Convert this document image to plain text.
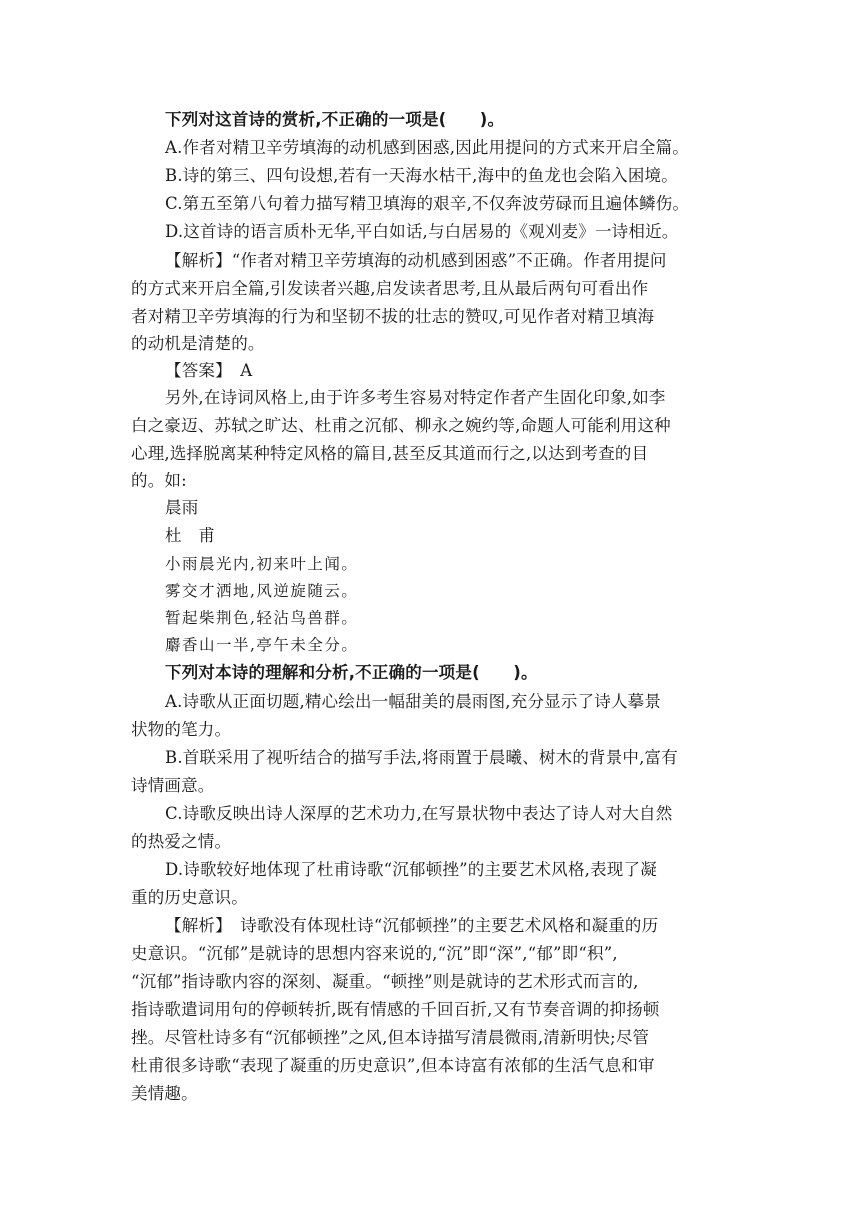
下列对这首诗的赏析,不正确的一项是(　　)。
A.作者对精卫辛劳填海的动机感到困惑,因此用提问的方式来开启全篇。
B.诗的第三、四句设想,若有一天海水枯干,海中的鱼龙也会陷入困境。
C.第五至第八句着力描写精卫填海的艰辛,不仅奔波劳碌而且遍体鳞伤。
D.这首诗的语言质朴无华,平白如话,与白居易的《观刈麦》一诗相近。
【解析】“作者对精卫辛劳填海的动机感到困惑”不正确。作者用提问
的方式来开启全篇,引发读者兴趣,启发读者思考,且从最后两句可看出作
者对精卫辛劳填海的行为和坚韧不拔的壮志的赞叹,可见作者对精卫填海
的动机是清楚的。
【答案】　A
另外,在诗词风格上,由于许多考生容易对特定作者产生固化印象,如李
白之豪迈、苏轼之旷达、杜甫之沉郁、柳永之婉约等,命题人可能利用这种
心理,选择脱离某种特定风格的篇目,甚至反其道而行之,以达到考查的目
的。如:
晨雨
杜　甫
小雨晨光内,初来叶上闻。
雾交才洒地,风逆旋随云。
暂起柴荆色,轻沾鸟兽群。
麝香山一半,亭午未全分。
下列对本诗的理解和分析,不正确的一项是(　　)。
A.诗歌从正面切题,精心绘出一幅甜美的晨雨图,充分显示了诗人摹景
状物的笔力。
B.首联采用了视听结合的描写手法,将雨置于晨曦、树木的背景中,富有
诗情画意。
C.诗歌反映出诗人深厚的艺术功力,在写景状物中表达了诗人对大自然
的热爱之情。
D.诗歌较好地体现了杜甫诗歌“沉郁顿挫”的主要艺术风格,表现了凝
重的历史意识。
【解析】　诗歌没有体现杜诗“沉郁顿挫”的主要艺术风格和凝重的历
史意识。“沉郁”是就诗的思想内容来说的,“沉”即“深”,“郁”即“积”,
“沉郁”指诗歌内容的深刻、凝重。“顿挫”则是就诗的艺术形式而言的,
指诗歌遣词用句的停顿转折,既有情感的千回百折,又有节奏音调的抑扬顿
挫。尽管杜诗多有“沉郁顿挫”之风,但本诗描写清晨微雨,清新明快;尽管
杜甫很多诗歌“表现了凝重的历史意识”,但本诗富有浓郁的生活气息和审
美情趣。
